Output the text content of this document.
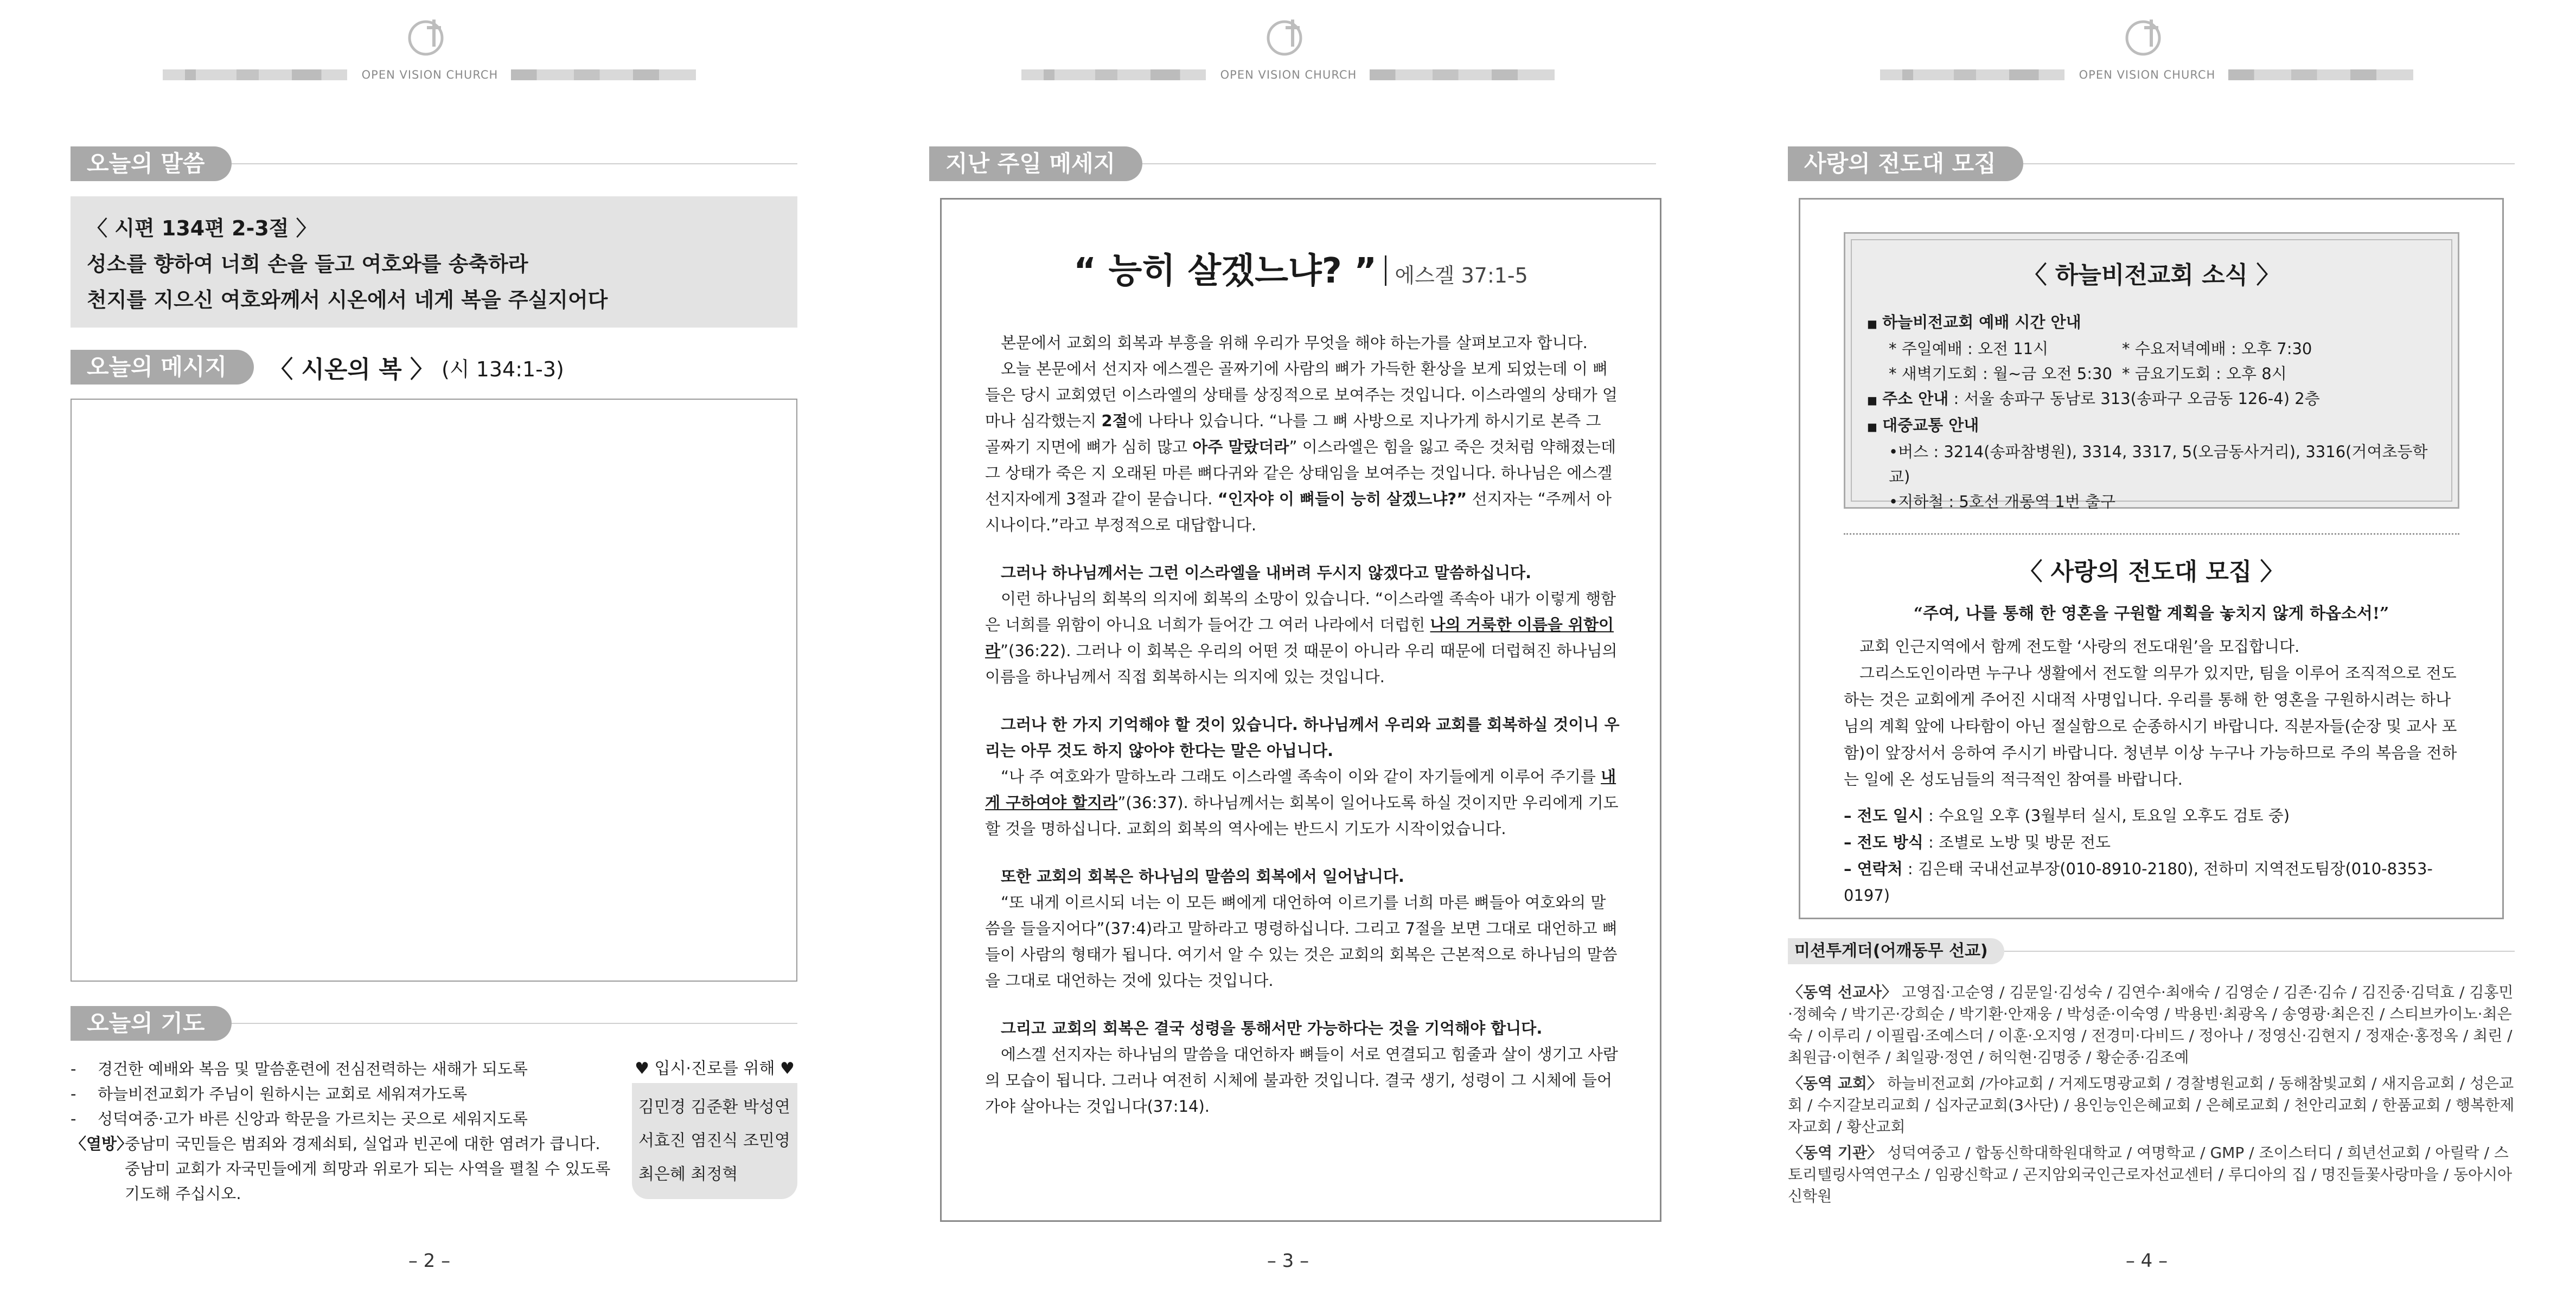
OPEN VISION CHURCH
오늘의 말씀
〈 시편 134편 2-3절 〉
성소를 향하여 너희 손을 들고 여호와를 송축하라
천지를 지으신 여호와께서 시온에서 네게 복을 주실지어다
오늘의 메시지	〈 시온의 복 〉 (시 134:1-3)
오늘의 기도
-	경건한 예배와 복음 및 말씀훈련에 전심전력하는 새해가 되도록
-	하늘비전교회가 주님이 원하시는 교회로 세워져가도록
-	성덕여중·고가 바른 신앙과 학문을 가르치는 곳으로 세워지도록
〈열방〉
중남미 국민들은 범죄와 경제쇠퇴, 실업과 빈곤에 대한 염려가 큽니다. 중남미 교회가 자국민들에게 희망과 위로가 되는 사역을 펼칠 수 있도록 기도해 주십시오.
♥ 입시·진로를 위해 ♥
김민경 김준환 박성연
서효진 염진식 조민영
최은혜 최정혁
– 2 –
OPEN VISION CHURCH
지난 주일 메세지
“ 능히 살겠느냐? ” 에스겔 37:1-5

본문에서 교회의 회복과 부흥을 위해 우리가 무엇을 해야 하는가를 살펴보고자 합니다.

오늘 본문에서 선지자 에스겔은 골짜기에 사람의 뼈가 가득한 환상을 보게 되었는데 이 뼈들은 당시 교회였던 이스라엘의 상태를 상징적으로 보여주는 것입니다. 이스라엘의 상태가 얼마나 심각했는지 2절에 나타나 있습니다. “나를 그 뼈 사방으로 지나가게 하시기로 본즉 그 골짜기 지면에 뼈가 심히 많고 아주 말랐더라” 이스라엘은 힘을 잃고 죽은 것처럼 약해졌는데 그 상태가 죽은 지 오래된 마른 뼈다귀와 같은 상태임을 보여주는 것입니다. 하나님은 에스겔 선지자에게 3절과 같이 묻습니다. “인자야 이 뼈들이 능히 살겠느냐?” 선지자는 “주께서 아시나이다.”라고 부정적으로 대답합니다.

그러나 하나님께서는 그런 이스라엘을 내버려 두시지 않겠다고 말씀하십니다.

이런 하나님의 회복의 의지에 회복의 소망이 있습니다. “이스라엘 족속아 내가 이렇게 행함은 너희를 위함이 아니요 너희가 들어간 그 여러 나라에서 더럽힌 나의 거룩한 이름을 위함이라”(36:22). 그러나 이 회복은 우리의 어떤 것 때문이 아니라 우리 때문에 더럽혀진 하나님의 이름을 하나님께서 직접 회복하시는 의지에 있는 것입니다.

그러나 한 가지 기억해야 할 것이 있습니다. 하나님께서 우리와 교회를 회복하실 것이니 우리는 아무 것도 하지 않아야 한다는 말은 아닙니다.

“나 주 여호와가 말하노라 그래도 이스라엘 족속이 이와 같이 자기들에게 이루어 주기를 내게 구하여야 할지라”(36:37). 하나님께서는 회복이 일어나도록 하실 것이지만 우리에게 기도할 것을 명하십니다. 교회의 회복의 역사에는 반드시 기도가 시작이었습니다.

또한 교회의 회복은 하나님의 말씀의 회복에서 일어납니다.

“또 내게 이르시되 너는 이 모든 뼈에게 대언하여 이르기를 너희 마른 뼈들아 여호와의 말씀을 들을지어다”(37:4)라고 말하라고 명령하십니다. 그리고 7절을 보면 그대로 대언하고 뼈들이 사람의 형태가 됩니다. 여기서 알 수 있는 것은 교회의 회복은 근본적으로 하나님의 말씀을 그대로 대언하는 것에 있다는 것입니다.

그리고 교회의 회복은 결국 성령을 통해서만 가능하다는 것을 기억해야 합니다.

에스겔 선지자는 하나님의 말씀을 대언하자 뼈들이 서로 연결되고 힘줄과 살이 생기고 사람의 모습이 됩니다. 그러나 여전히 시체에 불과한 것입니다. 결국 생기, 성령이 그 시체에 들어가야 살아나는 것입니다(37:14).

– 3 –
OPEN VISION CHURCH
사랑의 전도대 모집
〈 하늘비전교회 소식 〉
■ 하늘비전교회 예배 시간 안내
* 주일예배 : 오전 11시	* 수요저녁예배 : 오후 7:30
* 새벽기도회 : 월~금 오전 5:30 * 금요기도회 : 오후 8시
■ 주소 안내 : 서울 송파구 동남로 313(송파구 오금동 126-4) 2층
■ 대중교통 안내
•버스 : 3214(송파참병원), 3314, 3317, 5(오금동사거리), 3316(거여초등학교)
•지하철 : 5호선 개롱역 1번 출구
〈 사랑의 전도대 모집 〉
“주여, 나를 통해 한 영혼을 구원할 계획을 놓치지 않게 하옵소서!”

교회 인근지역에서 함께 전도할 ‘사랑의 전도대원’을 모집합니다.

그리스도인이라면 누구나 생활에서 전도할 의무가 있지만, 팀을 이루어 조직적으로 전도하는 것은 교회에게 주어진 시대적 사명입니다. 우리를 통해 한 영혼을 구원하시려는 하나님의 계획 앞에 나타함이 아닌 절실함으로 순종하시기 바랍니다. 직분자들(순장 및 교사 포함)이 앞장서서 응하여 주시기 바랍니다. 청년부 이상 누구나 가능하므로 주의 복음을 전하는 일에 온 성도님들의 적극적인 참여를 바랍니다.

– 전도 일시 : 수요일 오후 (3월부터 실시, 토요일 오후도 검토 중)
– 전도 방식 : 조별로 노방 및 방문 전도
– 연락처 : 김은태 국내선교부장(010-8910-2180), 전하미 지역전도팀장(010-8353-0197)
미션투게더(어깨동무 선교)
〈동역 선교사〉 고영집·고순영 / 김문일·김성숙 / 김연수·최애숙 / 김영순 / 김존·김슈 / 김진중·김덕효 / 김홍민·정혜숙 / 박기곤·강희순 / 박기환·안재웅 / 박성준·이숙영 / 박용빈·최광옥 / 송영광·최은진 / 스티브카이노·최은숙 / 이루리 / 이필립·조예스더 / 이훈·오지영 / 전경미·다비드 / 정아나 / 정영신·김현지 / 정재순·홍정옥 / 최린 / 최원급·이현주 / 최일광·정연 / 허익현·김명중 / 황순종·김조예
〈동역 교회〉 하늘비전교회 /가야교회 / 거제도명광교회 / 경찰병원교회 / 동해참빛교회 / 새지음교회 / 성은교회 / 수지갈보리교회 / 십자군교회(3사단) / 용인능인은혜교회 / 은혜로교회 / 천안리교회 / 한품교회 / 행복한제자교회 / 황산교회
〈동역 기관〉 성덕여중고 / 합동신학대학원대학교 / 여명학교 / GMP / 조이스터디 / 희년선교회 / 아릴락 / 스토리텔링사역연구소 / 임광신학교 / 곤지암외국인근로자선교센터 / 루디아의 집 / 명진들꽃사랑마을 / 동아시아신학원
– 4 –
